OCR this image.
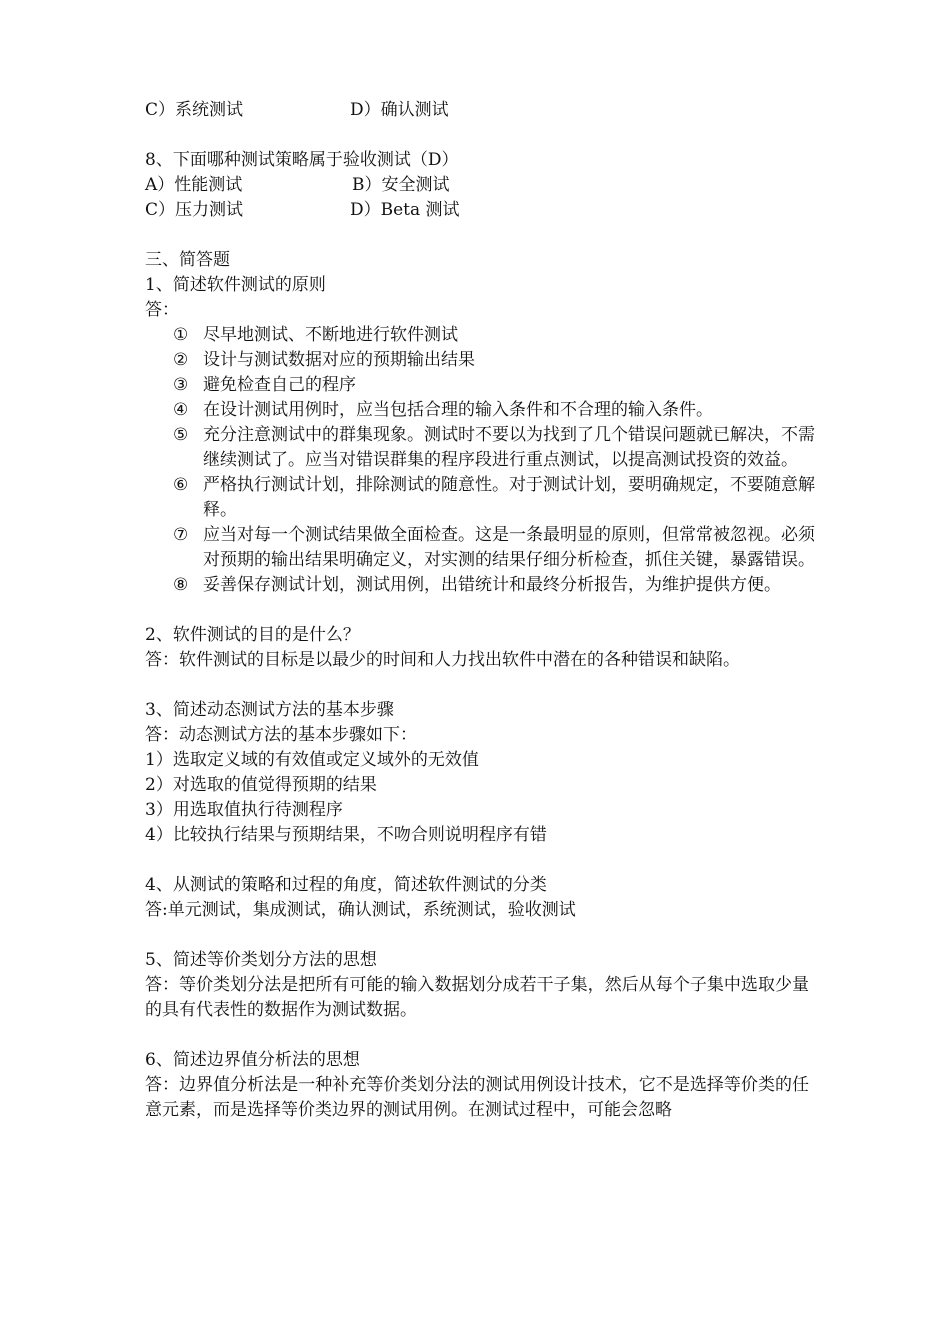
C）系统测试	D）确认测试
8、下面哪种测试策略属于验收测试（D）
A）性能测试	B）安全测试
C）压力测试	D）Beta 测试
三、简答题
1、简述软件测试的原则
答：
① 尽早地测试、不断地进行软件测试
② 设计与测试数据对应的预期输出结果
③ 避免检查自己的程序
④ 在设计测试用例时，应当包括合理的输入条件和不合理的输入条件。
⑤ 充分注意测试中的群集现象。测试时不要以为找到了几个错误问题就已解决，不需继续测试了。应当对错误群集的程序段进行重点测试，以提高测试投资的效益。
⑥ 严格执行测试计划，排除测试的随意性。对于测试计划，要明确规定，不要随意解释。
⑦ 应当对每一个测试结果做全面检查。这是一条最明显的原则，但常常被忽视。必须对预期的输出结果明确定义，对实测的结果仔细分析检查，抓住关键，暴露错误。
⑧ 妥善保存测试计划，测试用例，出错统计和最终分析报告，为维护提供方便。
2、软件测试的目的是什么？
答：软件测试的目标是以最少的时间和人力找出软件中潜在的各种错误和缺陷。
3、简述动态测试方法的基本步骤
答：动态测试方法的基本步骤如下：
1）选取定义域的有效值或定义域外的无效值
2）对选取的值觉得预期的结果
3）用选取值执行待测程序
4）比较执行结果与预期结果，不吻合则说明程序有错
4、从测试的策略和过程的角度，简述软件测试的分类
答:单元测试，集成测试，确认测试，系统测试，验收测试
5、简述等价类划分方法的思想
答：等价类划分法是把所有可能的输入数据划分成若干子集，然后从每个子集中选取少量的具有代表性的数据作为测试数据。
6、简述边界值分析法的思想
答：边界值分析法是一种补充等价类划分法的测试用例设计技术，它不是选择等价类的任意元素，而是选择等价类边界的测试用例。在测试过程中，可能会忽略
